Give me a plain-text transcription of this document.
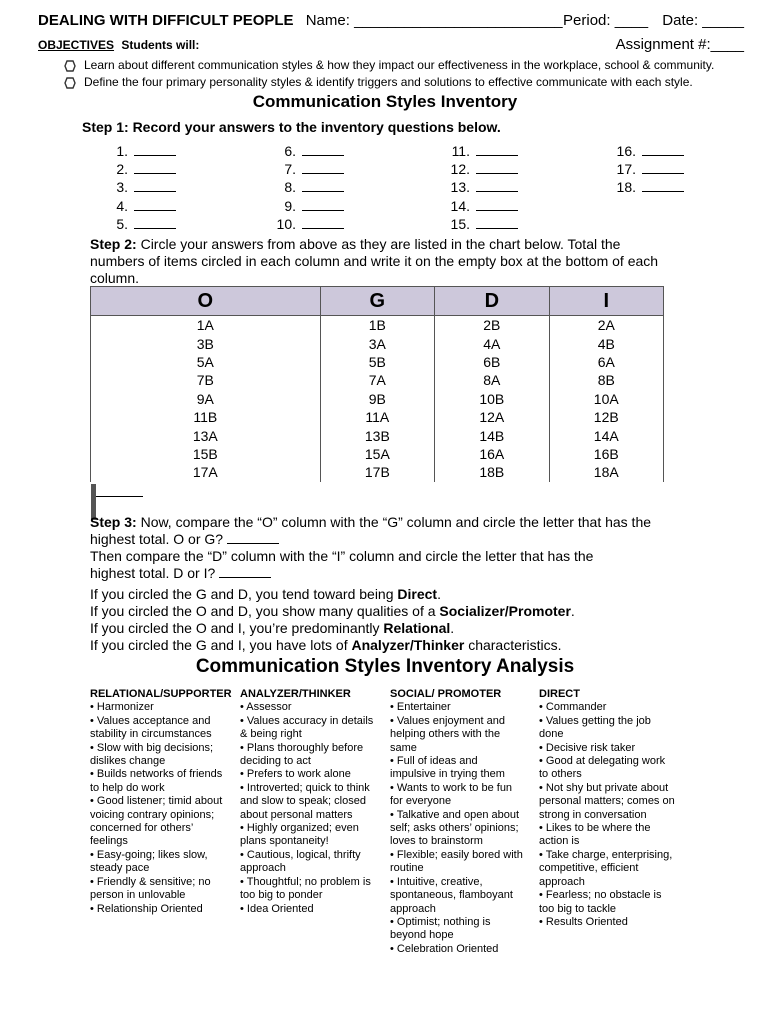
DEALING WITH DIFFICULT PEOPLE Name: _________________________ Period: ____ Date: _____
OBJECTIVES Students will:	Assignment #:____
Learn about different communication styles & how they impact our effectiveness in the workplace, school & community.
Define the four primary personality styles & identify triggers and solutions to effective communicate with each style.
Communication Styles Inventory
Step 1: Record your answers to the inventory questions below.
1.
2.
3.
4.
5.
6.
7.
8.
9.
10.
11.
12.
13.
14.
15.
16.
17.
18.
Step 2: Circle your answers from above as they are listed in the chart below. Total the numbers of items circled in each column and write it on the empty box at the bottom of each column.
O	G	D	I
1A	1B	2B	2A
3B	3A	4A	4B
5A	5B	6B	6A
7B	7A	8A	8B
9A	9B	10B	10A
11B	11A	12A	12B
13A	13B	14B	14A
15B	15A	16A	16B
17A	17B	18B	18A

Step 3: Now, compare the “O” column with the “G” column and circle the letter that has the
highest total. O or G?
Then compare the “D” column with the “I” column and circle the letter that has the
highest total. D or I?
If you circled the G and D, you tend toward being Direct.
If you circled the O and D, you show many qualities of a Socializer/Promoter.
If you circled the O and I, you’re predominantly Relational.
If you circled the G and I, you have lots of Analyzer/Thinker characteristics.
Communication Styles Inventory Analysis
RELATIONAL/SUPPORTER
• Harmonizer
• Values acceptance and
stability in circumstances
• Slow with big decisions;
dislikes change
• Builds networks of friends
to help do work
• Good listener; timid about
voicing contrary opinions;
concerned for others’
feelings
• Easy-going; likes slow,
steady pace
• Friendly & sensitive; no
person in unlovable
• Relationship Oriented
ANALYZER/THINKER
• Assessor
• Values accuracy in details
& being right
• Plans thoroughly before
deciding to act
• Prefers to work alone
• Introverted; quick to think
and slow to speak; closed
about personal matters
• Highly organized; even
plans spontaneity!
• Cautious, logical, thrifty
approach
• Thoughtful; no problem is
too big to ponder
• Idea Oriented
SOCIAL/ PROMOTER
• Entertainer
• Values enjoyment and
helping others with the
same
• Full of ideas and
impulsive in trying them
• Wants to work to be fun
for everyone
• Talkative and open about
self; asks others’ opinions;
loves to brainstorm
• Flexible; easily bored with
routine
• Intuitive, creative,
spontaneous, flamboyant
approach
• Optimist; nothing is
beyond hope
• Celebration Oriented
DIRECT
• Commander
• Values getting the job
done
• Decisive risk taker
• Good at delegating work
to others
• Not shy but private about
personal matters; comes on
strong in conversation
• Likes to be where the
action is
• Take charge, enterprising,
competitive, efficient
approach
• Fearless; no obstacle is
too big to tackle
• Results Oriented
